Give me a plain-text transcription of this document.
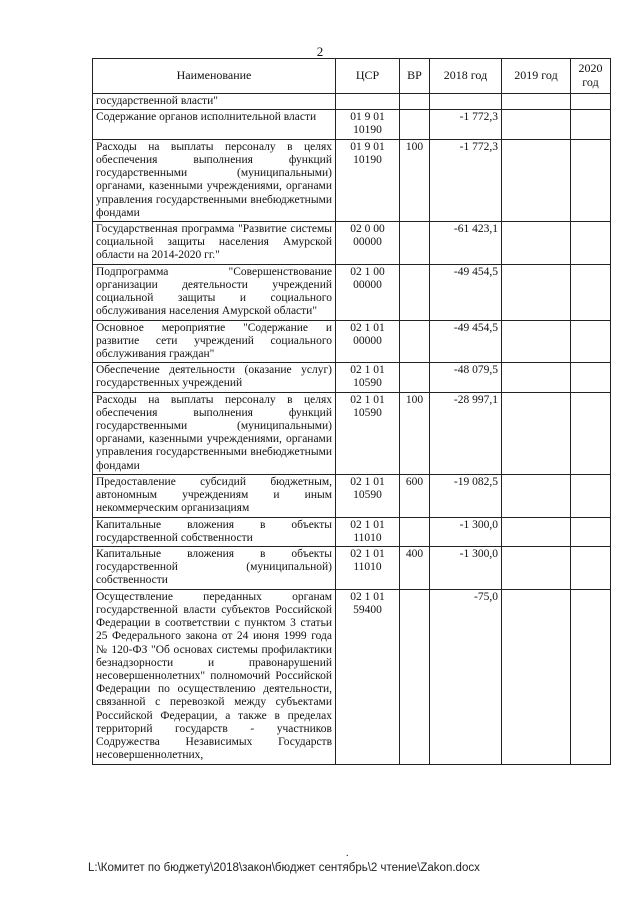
2
Наименование	ЦСР	ВР	2018 год	2019 год	2020 год
государственной власти"					
Содержание органов исполнительной власти	01 9 01 10190		-1 772,3		
Расходы на выплаты персоналу в целях обеспечения выполнения функций государственными (муниципальными) органами, казенными учреждениями, органами управления государственными внебюджетными фондами	01 9 01 10190	100	-1 772,3		
Государственная программа "Развитие системы социальной защиты населения Амурской области на 2014-2020 гг."	02 0 00 00000		-61 423,1		
Подпрограмма "Совершенствование организации деятельности учреждений социальной защиты и социального обслуживания населения Амурской области"	02 1 00 00000		-49 454,5		
Основное мероприятие "Содержание и развитие сети учреждений социального обслуживания граждан"	02 1 01 00000		-49 454,5		
Обеспечение деятельности (оказание услуг) государственных учреждений	02 1 01 10590		-48 079,5		
Расходы на выплаты персоналу в целях обеспечения выполнения функций государственными (муниципальными) органами, казенными учреждениями, органами управления государственными внебюджетными фондами	02 1 01 10590	100	-28 997,1		
Предоставление субсидий бюджетным, автономным учреждениям и иным некоммерческим организациям	02 1 01 10590	600	-19 082,5		
Капитальные вложения в объекты государственной собственности	02 1 01 11010		-1 300,0		
Капитальные вложения в объекты государственной (муниципальной) собственности	02 1 01 11010	400	-1 300,0		
Осуществление переданных органам государственной власти субъектов Российской Федерации в соответствии с пунктом 3 статьи 25 Федерального закона от 24 июня 1999 года № 120-ФЗ "Об основах системы профилактики безнадзорности и правонарушений несовершеннолетних" полномочий Российской Федерации по осуществлению деятельности, связанной с перевозкой между субъектами Российской Федерации, а также в пределах территорий государств - участников Содружества Независимых Государств несовершеннолетних,	02 1 01 59400		-75,0		
.
L:\Комитет по бюджету\2018\закон\бюджет сентябрь\2 чтение\Zakon.docx
